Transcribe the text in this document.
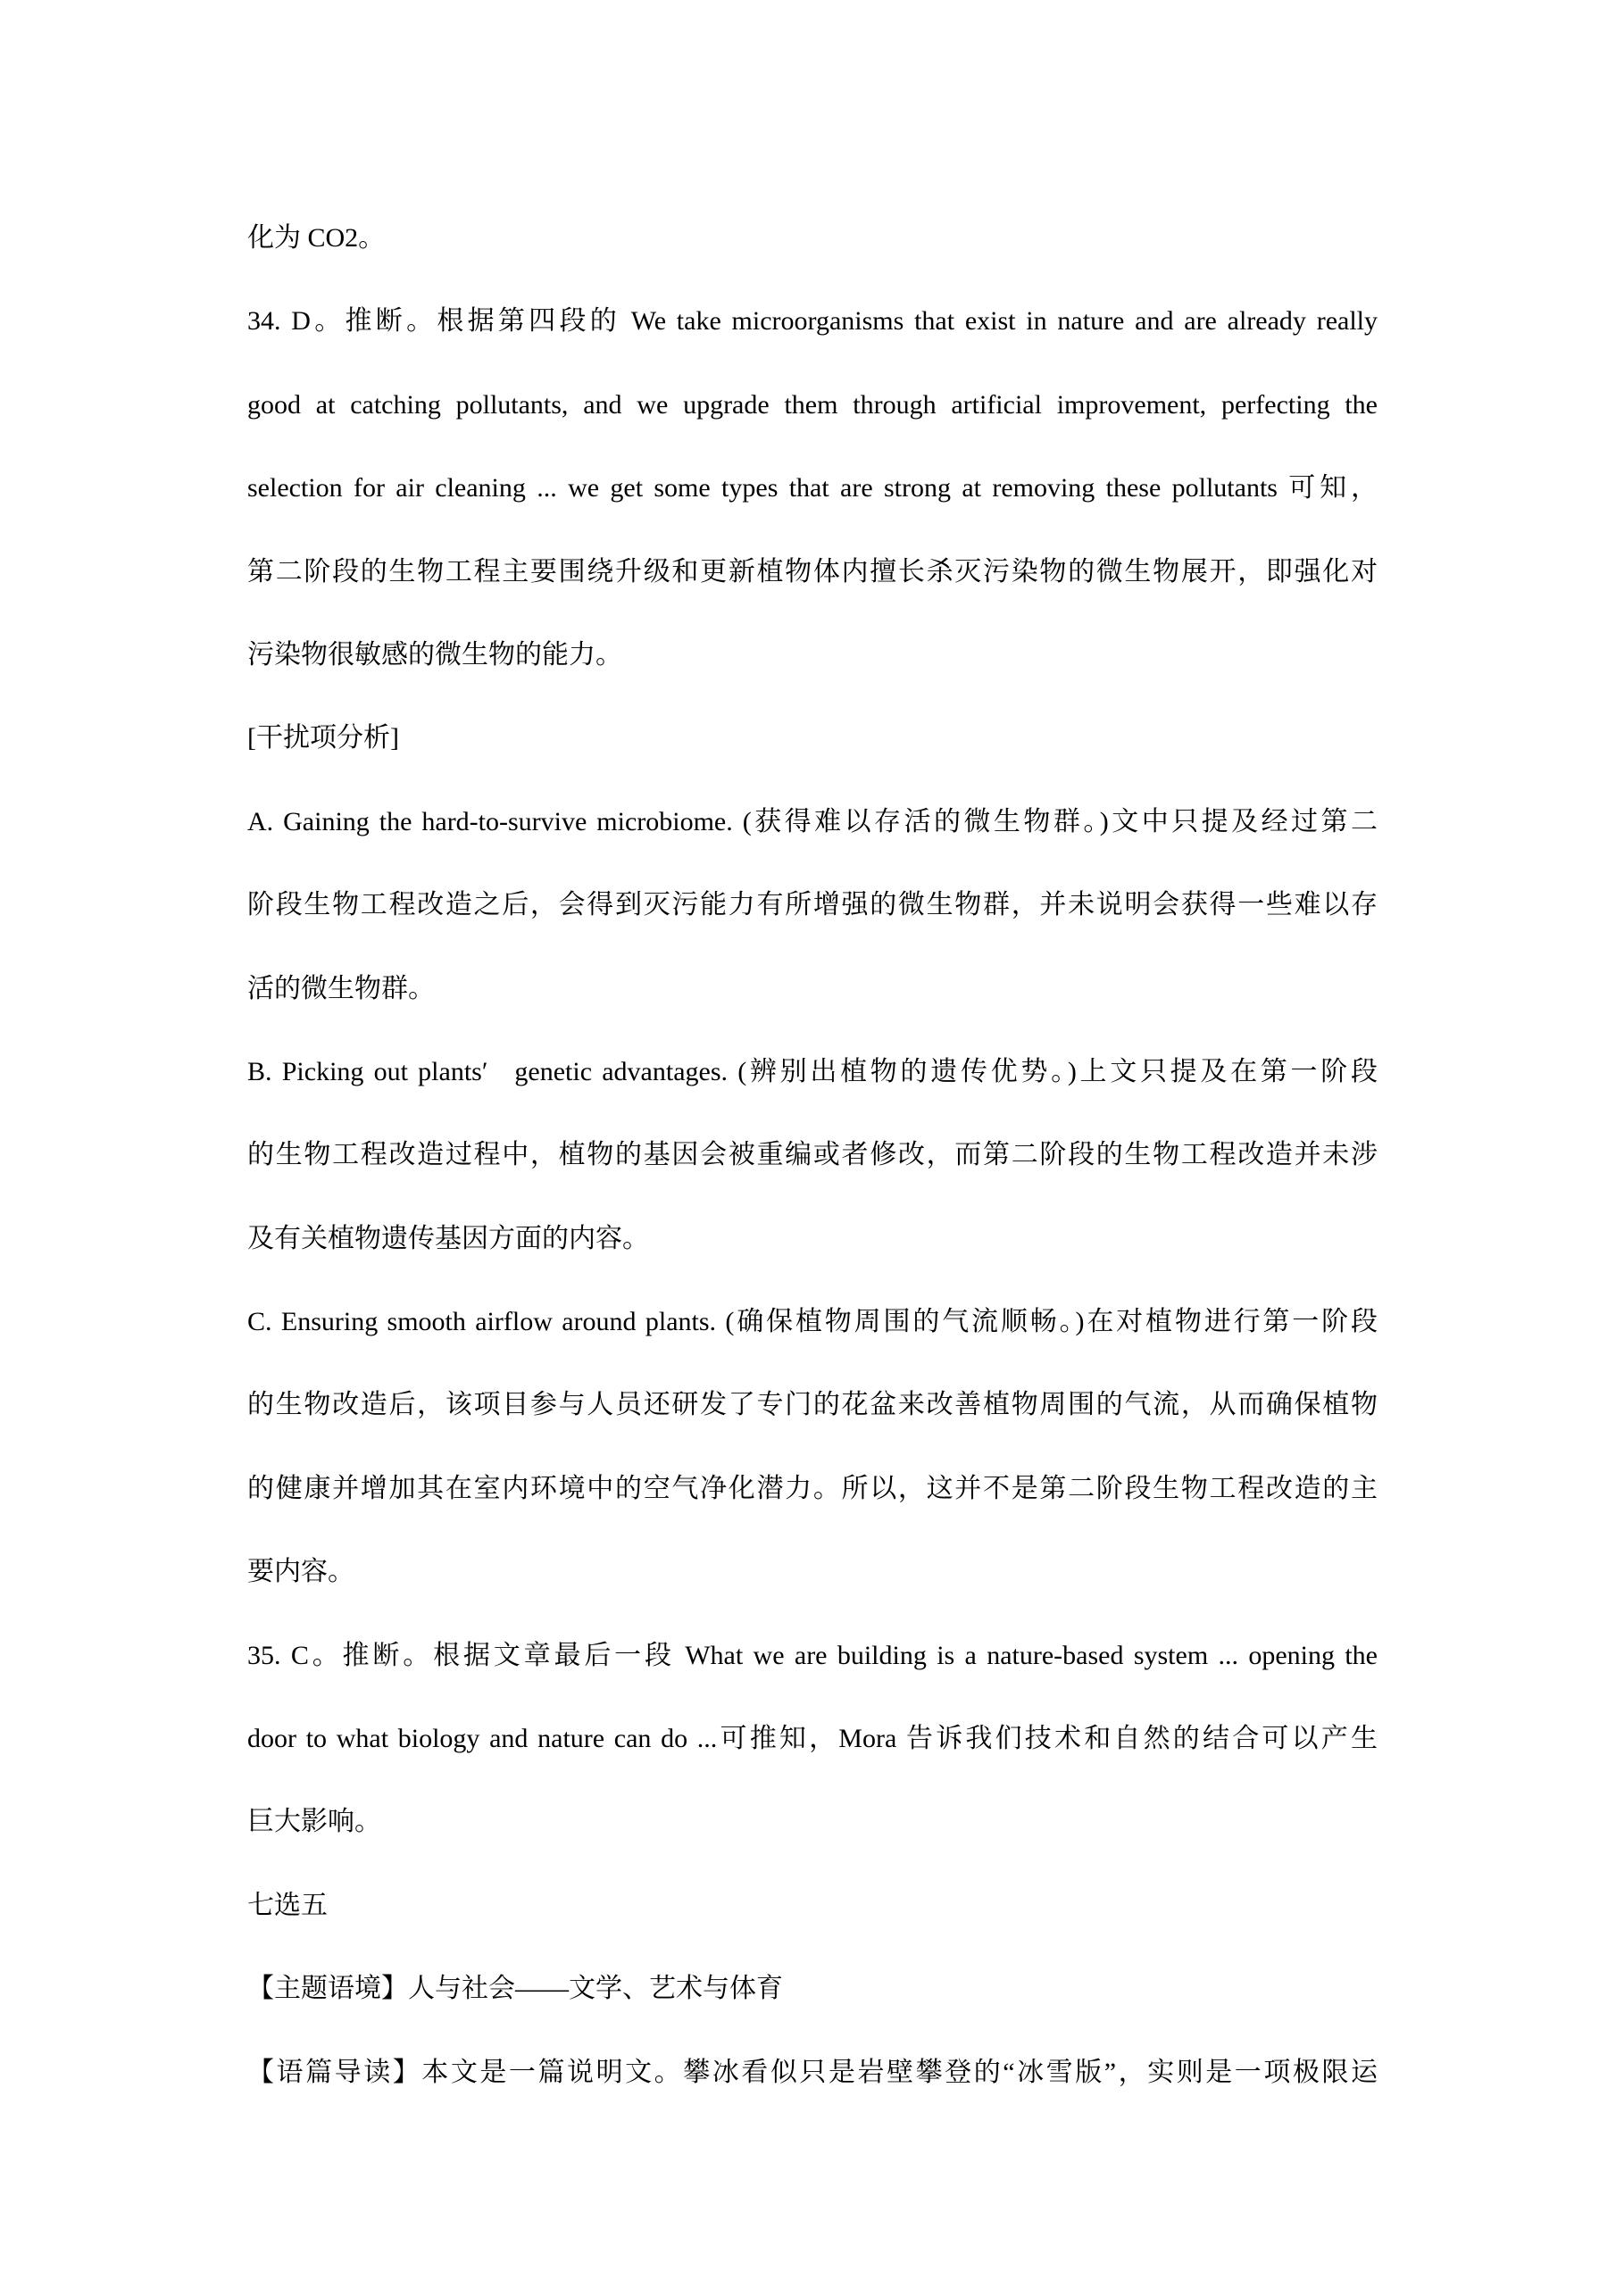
化为 CO2。
34. D。推断。根据第四段的 We take microorganisms that exist in nature and are already really
good at catching pollutants, and we upgrade them through artificial improvement, perfecting the
selection for air cleaning ... we get some types that are strong at removing these pollutants 可知，
第二阶段的生物工程主要围绕升级和更新植物体内擅长杀灭污染物的微生物展开，即强化对
污染物很敏感的微生物的能力。
[干扰项分析]
A. Gaining the hard-to-survive microbiome. (获得难以存活的微生物群。)文中只提及经过第二
阶段生物工程改造之后，会得到灭污能力有所增强的微生物群，并未说明会获得一些难以存
活的微生物群。
B. Picking out plants′ genetic advantages. (辨别出植物的遗传优势。)上文只提及在第一阶段
的生物工程改造过程中，植物的基因会被重编或者修改，而第二阶段的生物工程改造并未涉
及有关植物遗传基因方面的内容。
C. Ensuring smooth airflow around plants. (确保植物周围的气流顺畅。)在对植物进行第一阶段
的生物改造后，该项目参与人员还研发了专门的花盆来改善植物周围的气流，从而确保植物
的健康并增加其在室内环境中的空气净化潜力。所以，这并不是第二阶段生物工程改造的主
要内容。
35. C。推断。根据文章最后一段 What we are building is a nature-based system ... opening the
door to what biology and nature can do ...可推知，Mora 告诉我们技术和自然的结合可以产生
巨大影响。
七选五
【主题语境】人与社会——文学、艺术与体育
【语篇导读】本文是一篇说明文。攀冰看似只是岩壁攀登的“冰雪版”，实则是一项极限运
